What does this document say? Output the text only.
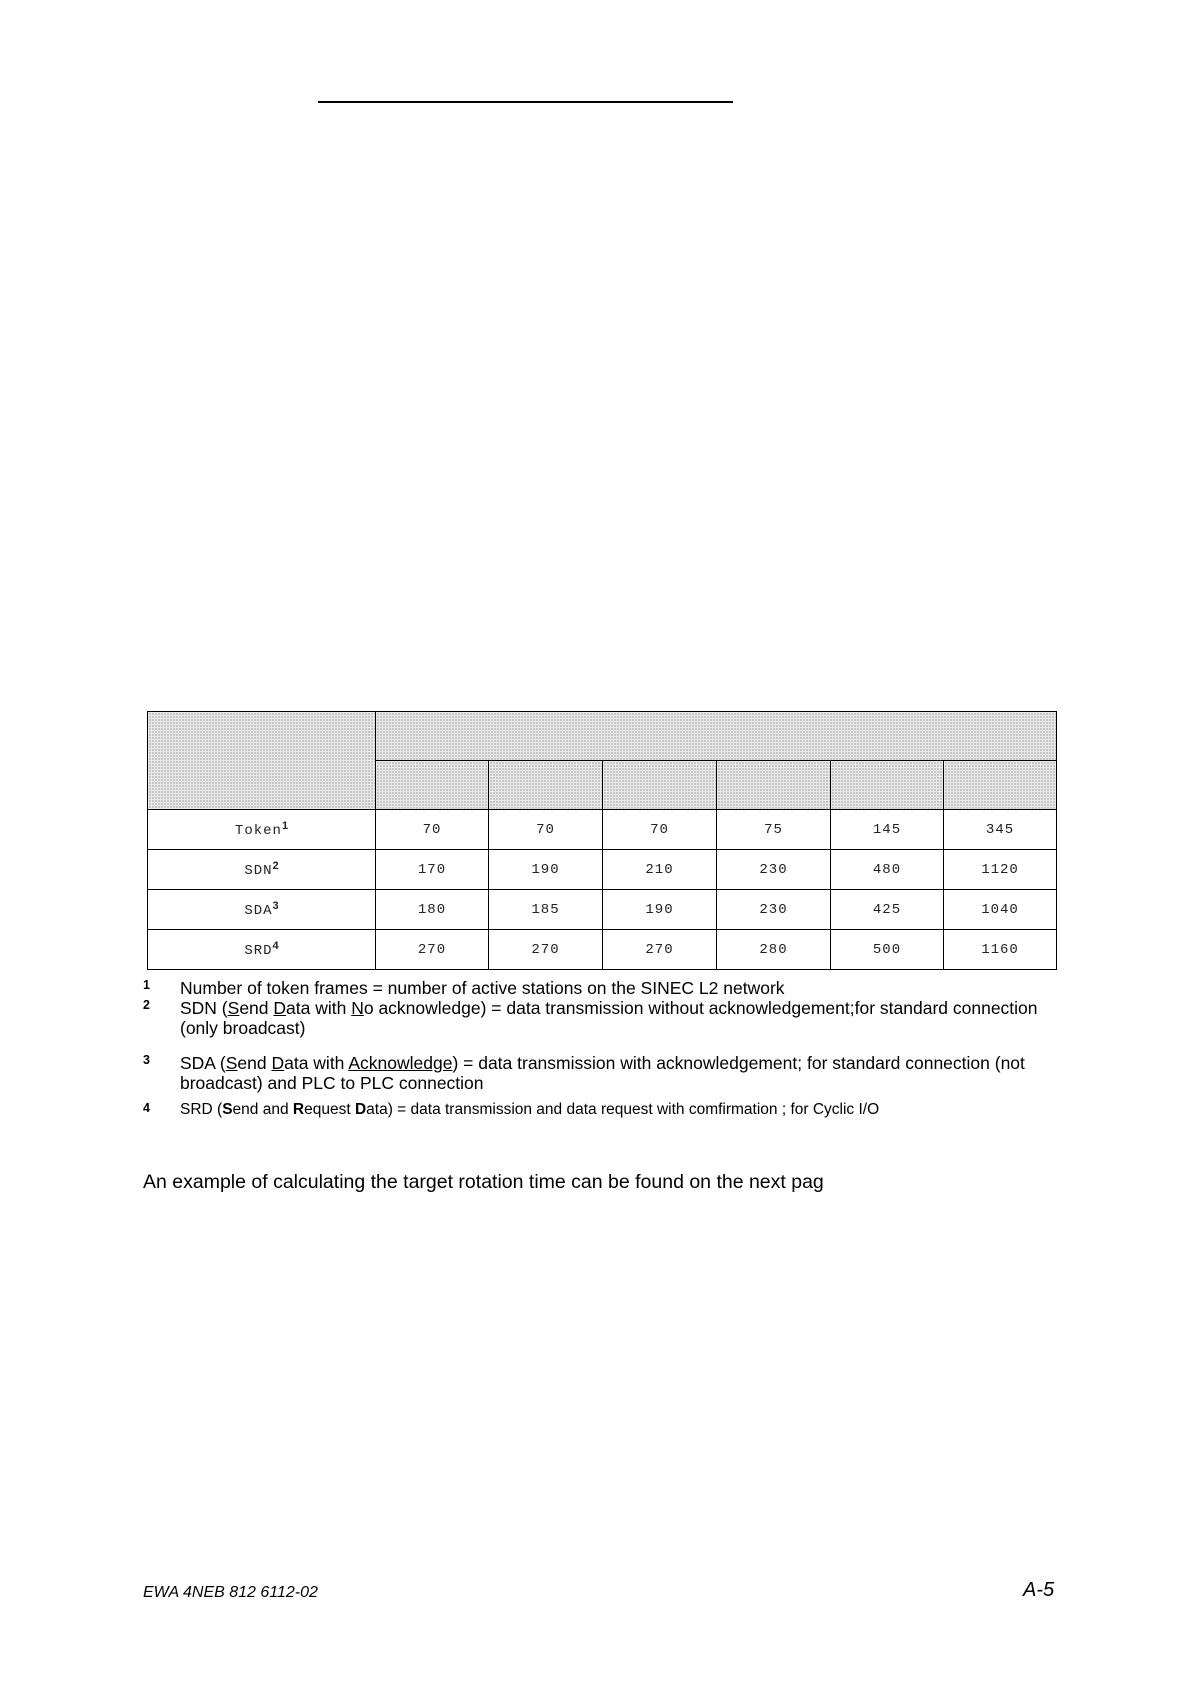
Token$^1$	70	70	70	75	145	345
SDN$^2$	170	190	210	230	480	1120
SDA$^3$	180	185	190	230	425	1040
SRD$^4$	270	270	270	280	500	1160
1 Number of token frames = number of active stations on the SINEC L2 network
2 SDN (Send Data with No acknowledge) = data transmission without acknowledgement;for standard connection (only broadcast)
3 SDA (Send Data with Acknowledge) = data transmission with acknowledgement; for standard connection (not broadcast) and PLC to PLC connection
4 SRD (Send and Request Data) = data transmission and data request with comfirmation ; for Cyclic I/O
An example of calculating the target rotation time can be found on the next pag
EWA 4NEB 812 6112-02	A-5
